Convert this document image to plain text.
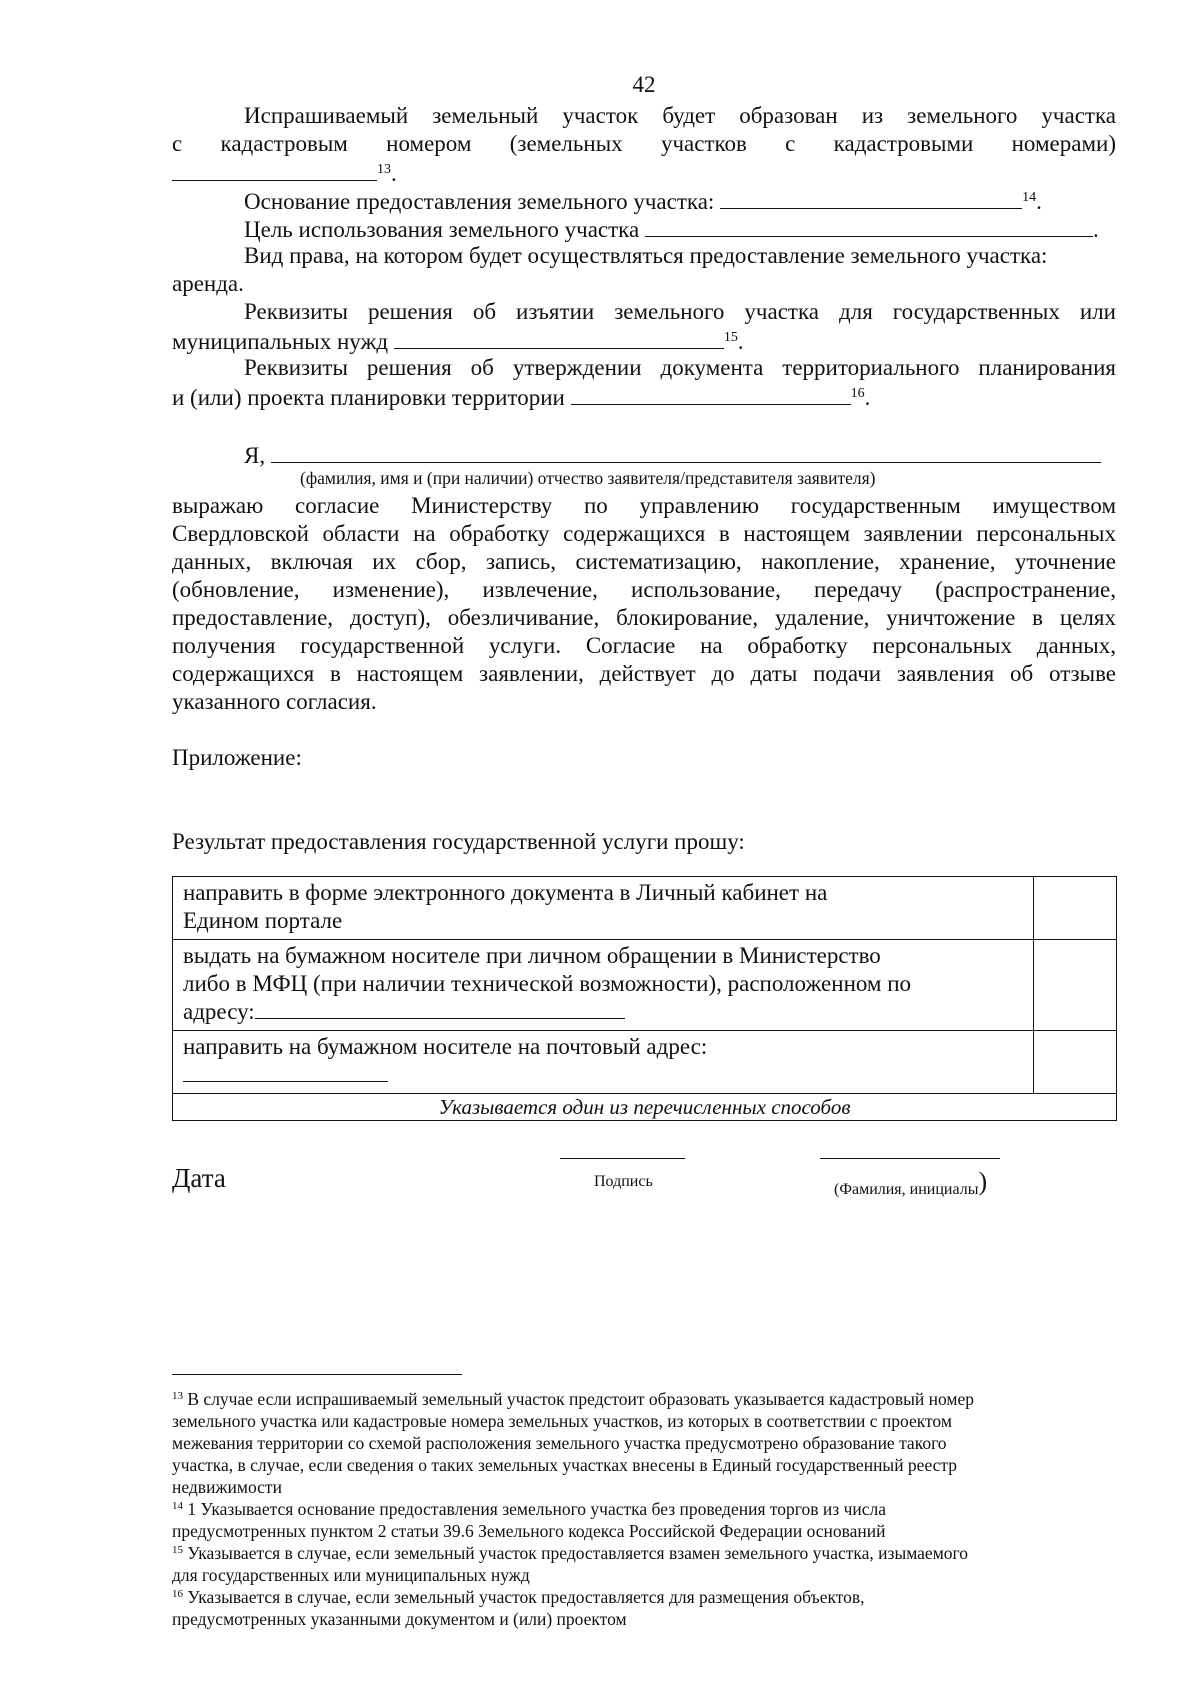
42

Испрашиваемый земельный участок будет образован из земельного участка

с кадастровым номером (земельных участков с кадастровыми номерами)

$^{13}$.

Основание предоставления земельного участка:	$^{14}$.

Цель использования земельного участка	.

Вид права, на котором будет осуществляться предоставление земельного участка:

аренда.

Реквизиты решения об изъятии земельного участка для государственных или

муниципальных нужд	$^{15}$.

Реквизиты решения об утверждении документа территориального планирования

и (или) проекта планировки территории	$^{16}$.

Я,

(фамилия, имя и (при наличии) отчество заявителя/представителя заявителя)

выражаю согласие Министерству по управлению государственным имуществом

Свердловской области на обработку содержащихся в настоящем заявлении персональных

данных, включая их сбор, запись, систематизацию, накопление, хранение, уточнение

(обновление, изменение), извлечение, использование, передачу (распространение,

предоставление, доступ), обезличивание, блокирование, удаление, уничтожение в целях

получения государственной услуги. Согласие на обработку персональных данных,

содержащихся в настоящем заявлении, действует до даты подачи заявления об отзыве

указанного согласия.

Приложение:

Результат предоставления государственной услуги прошу:

направить в форме электронного документа в Личный кабинет на
Едином портале	

выдать на бумажном носителе при личном обращении в Министерство
либо в МФЦ (при наличии технической возможности), расположенном по
адресу:	

направить на бумажном носителе на почтовый адрес:	

Указывается один из перечисленных способов	
Дата	Подпись	(Фамилия, инициалы)

$^{13}$ В случае если испрашиваемый земельный участок предстоит образовать указывается кадастровый номер

земельного участка или кадастровые номера земельных участков, из которых в соответствии с проектом

межевания территории со схемой расположения земельного участка предусмотрено образование такого

участка, в случае, если сведения о таких земельных участках внесены в Единый государственный реестр

недвижимости

$^{14}$ 1 Указывается основание предоставления земельного участка без проведения торгов из числа

предусмотренных пунктом 2 статьи 39.6 Земельного кодекса Российской Федерации оснований

$^{15}$ Указывается в случае, если земельный участок предоставляется взамен земельного участка, изымаемого

для государственных или муниципальных нужд

$^{16}$ Указывается в случае, если земельный участок предоставляется для размещения объектов,

предусмотренных указанными документом и (или) проектом
